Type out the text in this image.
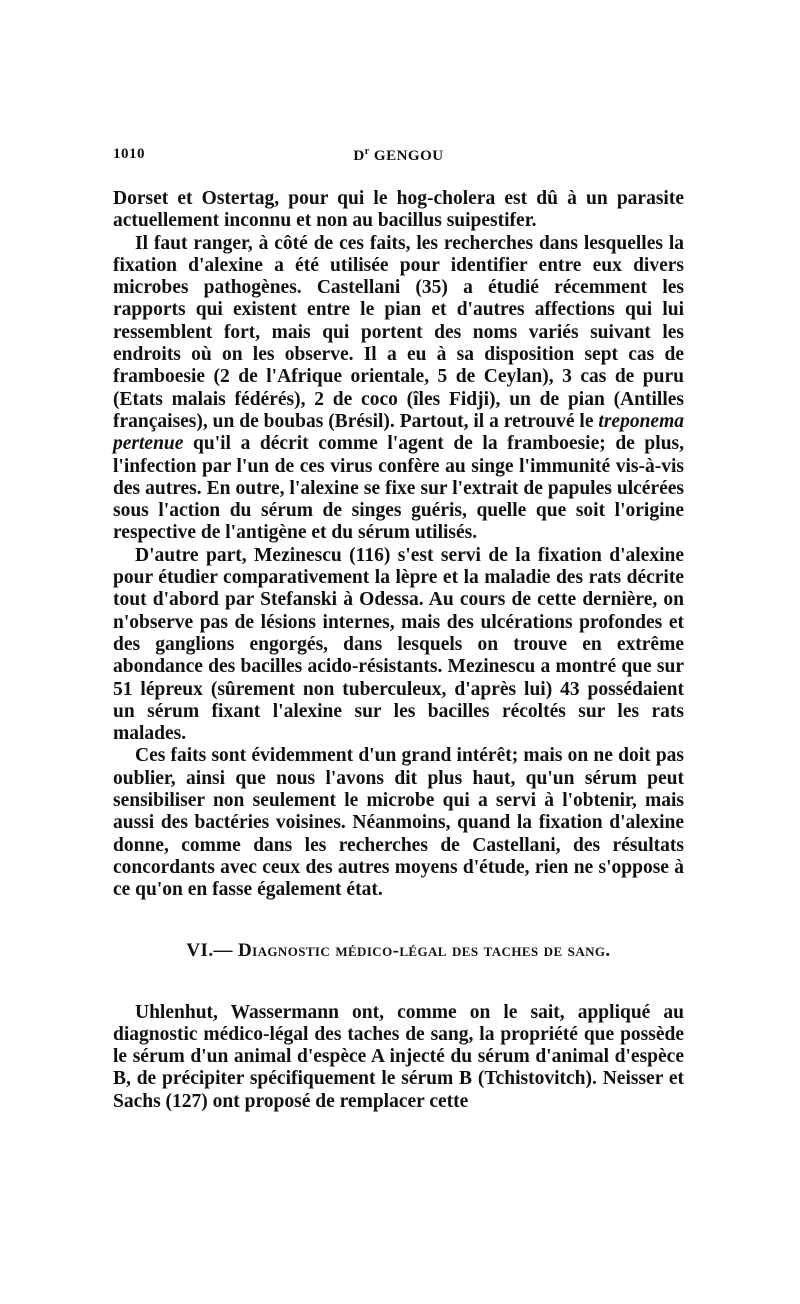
1010	$D^r$ GENGOU

Dorset et Ostertag, pour qui le hog-cholera est dû à un parasite actuellement inconnu et non au bacillus suipestifer.

Il faut ranger, à côté de ces faits, les recherches dans lesquelles la fixation d'alexine a été utilisée pour identifier entre eux divers microbes pathogènes. Castellani (35) a étudié récemment les rapports qui existent entre le pian et d'autres affections qui lui ressemblent fort, mais qui portent des noms variés suivant les endroits où on les observe. Il a eu à sa disposition sept cas de framboesie (2 de l'Afrique orientale, 5 de Ceylan), 3 cas de puru (Etats malais fédérés), 2 de coco (îles Fidji), un de pian (Antilles françaises), un de boubas (Brésil). Partout, il a retrouvé le treponema pertenue qu'il a décrit comme l'agent de la framboesie; de plus, l'infection par l'un de ces virus confère au singe l'immunité vis-à-vis des autres. En outre, l'alexine se fixe sur l'extrait de papules ulcérées sous l'action du sérum de singes guéris, quelle que soit l'origine respective de l'antigène et du sérum utilisés.

D'autre part, Mezinescu (116) s'est servi de la fixation d'alexine pour étudier comparativement la lèpre et la maladie des rats décrite tout d'abord par Stefanski à Odessa. Au cours de cette dernière, on n'observe pas de lésions internes, mais des ulcérations profondes et des ganglions engorgés, dans lesquels on trouve en extrême abondance des bacilles acido-résistants. Mezinescu a montré que sur 51 lépreux (sûrement non tuberculeux, d'après lui) 43 possédaient un sérum fixant l'alexine sur les bacilles récoltés sur les rats malades.

Ces faits sont évidemment d'un grand intérêt; mais on ne doit pas oublier, ainsi que nous l'avons dit plus haut, qu'un sérum peut sensibiliser non seulement le microbe qui a servi à l'obtenir, mais aussi des bactéries voisines. Néanmoins, quand la fixation d'alexine donne, comme dans les recherches de Castellani, des résultats concordants avec ceux des autres moyens d'étude, rien ne s'oppose à ce qu'on en fasse également état.

VI.— Diagnostic médico-légal des taches de sang.

Uhlenhut, Wassermann ont, comme on le sait, appliqué au diagnostic médico-légal des taches de sang, la propriété que possède le sérum d'un animal d'espèce A injecté du sérum d'animal d'espèce B, de précipiter spécifiquement le sérum B (Tchistovitch). Neisser et Sachs (127) ont proposé de remplacer cette
